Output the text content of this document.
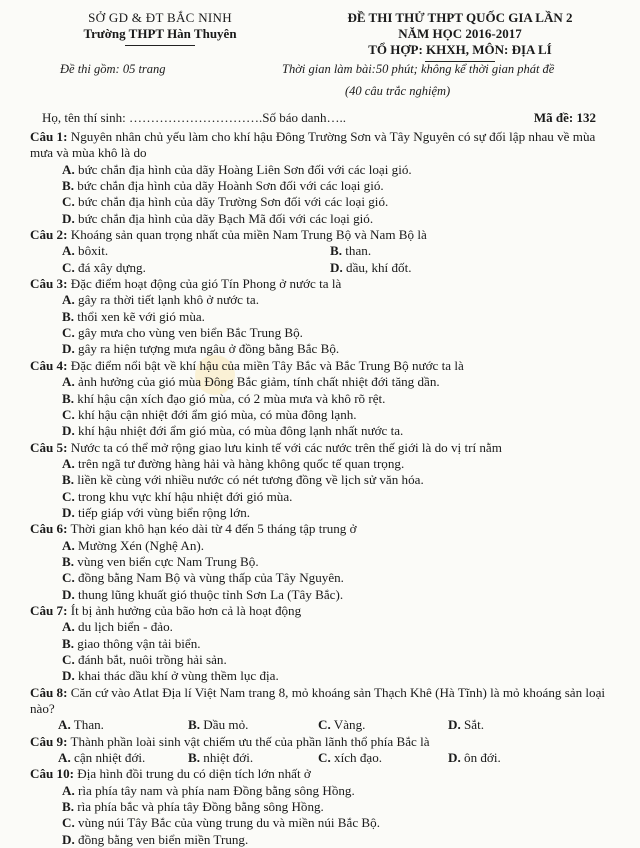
SỞ GD & ĐT BẮC NINH
Trường THPT Hàn Thuyên
ĐỀ THI THỬ THPT QUỐC GIA LẦN 2
NĂM HỌC 2016-2017
TỔ HỢP: KHXH, MÔN: ĐỊA LÍ
Đề thi gồm: 05 trang	Thời gian làm bài:50 phút; không kể thời gian phát đề
(40 câu trắc nghiệm)
Họ, tên thí sinh: ………………………….Số báo danh…..	Mã đề: 132
Câu 1: Nguyên nhân chủ yếu làm cho khí hậu Đông Trường Sơn và Tây Nguyên có sự đối lập nhau về mùa mưa và mùa khô là do
A. bức chắn địa hình của dãy Hoàng Liên Sơn đối với các loại gió.
B. bức chắn địa hình của dãy Hoành Sơn đối với các loại gió.
C. bức chắn địa hình của dãy Trường Sơn đối với các loại gió.
D. bức chắn địa hình của dãy Bạch Mã đối với các loại gió.
Câu 2: Khoáng sản quan trọng nhất của miền Nam Trung Bộ và Nam Bộ là
A. bôxit.	B. than.
C. đá xây dựng.	D. dầu, khí đốt.
Câu 3: Đặc điểm hoạt động của gió Tín Phong ở nước ta là
A. gây ra thời tiết lạnh khô ở nước ta.
B. thổi xen kẽ với gió mùa.
C. gây mưa cho vùng ven biển Bắc Trung Bộ.
D. gây ra hiện tượng mưa ngâu ở đồng bằng Bắc Bộ.
Câu 4: Đặc điểm nổi bật về khí hậu của miền Tây Bắc và Bắc Trung Bộ nước ta là
A. ảnh hưởng của gió mùa Đông Bắc giảm, tính chất nhiệt đới tăng dần.
B. khí hậu cận xích đạo gió mùa, có 2 mùa mưa và khô rõ rệt.
C. khí hậu cận nhiệt đới ẩm gió mùa, có mùa đông lạnh.
D. khí hậu nhiệt đới ẩm gió mùa, có mùa đông lạnh nhất nước ta.
Câu 5: Nước ta có thể mở rộng giao lưu kinh tế với các nước trên thế giới là do vị trí nằm
A. trên ngã tư đường hàng hải và hàng không quốc tế quan trọng.
B. liền kề cùng với nhiều nước có nét tương đồng về lịch sử văn hóa.
C. trong khu vực khí hậu nhiệt đới gió mùa.
D. tiếp giáp với vùng biển rộng lớn.
Câu 6: Thời gian khô hạn kéo dài từ 4 đến 5 tháng tập trung ở
A. Mường Xén (Nghệ An).
B. vùng ven biển cực Nam Trung Bộ.
C. đồng bằng Nam Bộ và vùng thấp của Tây Nguyên.
D. thung lũng khuất gió thuộc tỉnh Sơn La (Tây Bắc).
Câu 7: Ít bị ảnh hưởng của bão hơn cả là hoạt động
A. du lịch biển - đảo.
B. giao thông vận tải biển.
C. đánh bắt, nuôi trồng hải sản.
D. khai thác dầu khí ở vùng thềm lục địa.
Câu 8: Căn cứ vào Atlat Địa lí Việt Nam trang 8, mỏ khoáng sản Thạch Khê (Hà Tĩnh) là mỏ khoáng sản loại nào?
A. Than.	B. Dầu mỏ.	C. Vàng.	D. Sắt.
Câu 9: Thành phần loài sinh vật chiếm ưu thế của phần lãnh thổ phía Bắc là
A. cận nhiệt đới.	B. nhiệt đới.	C. xích đạo.	D. ôn đới.
Câu 10: Địa hình đồi trung du có diện tích lớn nhất ở
A. rìa phía tây nam và phía nam Đồng bằng sông Hồng.
B. rìa phía bắc và phía tây Đồng bằng sông Hồng.
C. vùng núi Tây Bắc của vùng trung du và miền núi Bắc Bộ.
D. đồng bằng ven biển miền Trung.
